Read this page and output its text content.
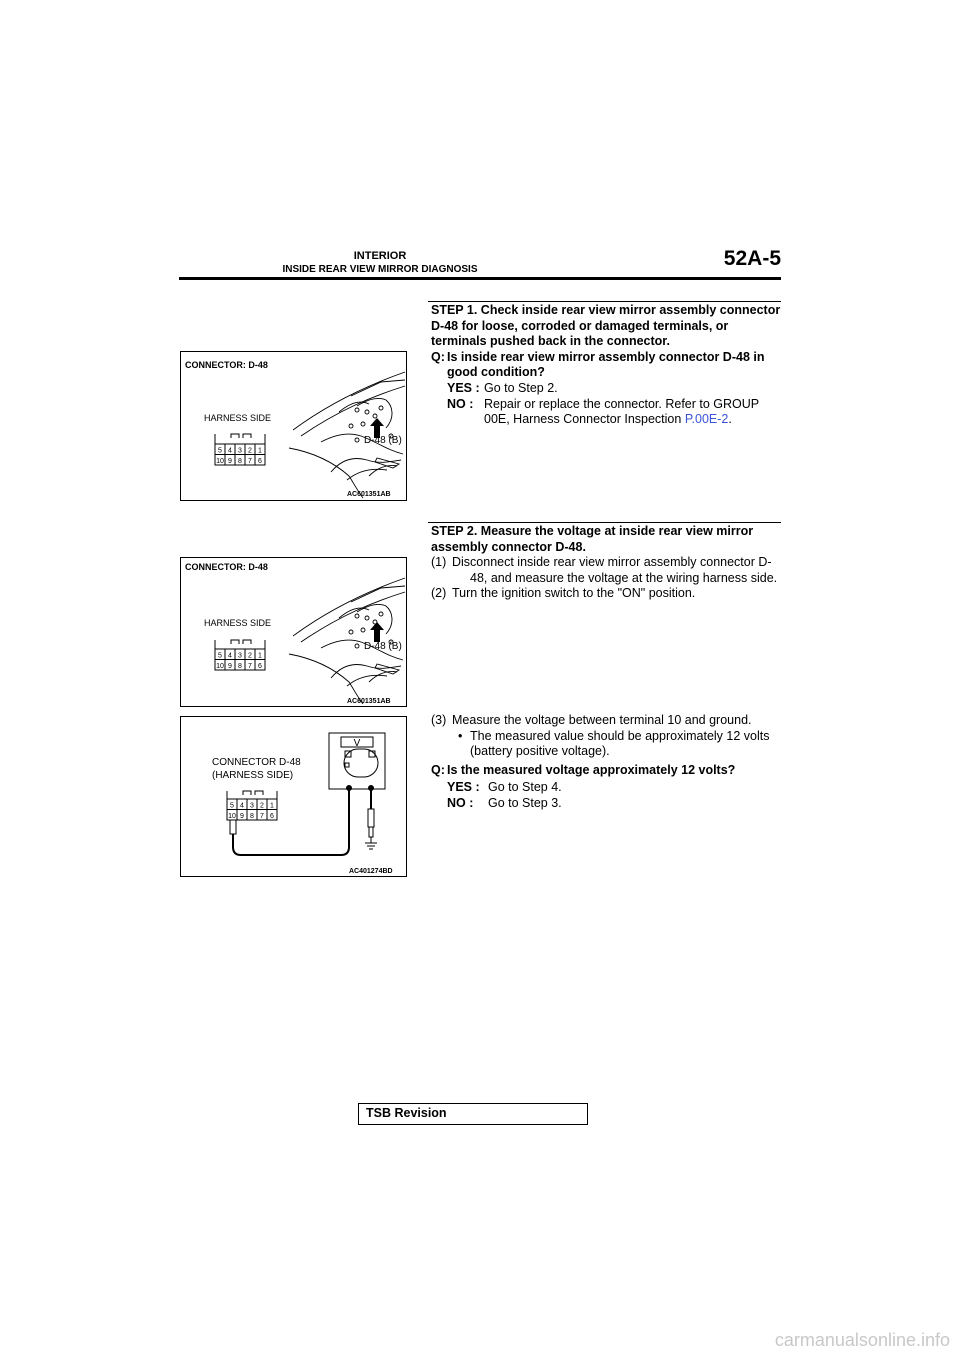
INTERIOR
INSIDE REAR VIEW MIRROR DIAGNOSIS	52A-5
CONNECTOR: D-48
HARNESS SIDE
5 4 3 2 1
10 9 8 7 6
D-48 (B)
AC601351AB
STEP 1. Check inside rear view mirror assembly connector
D-48 for loose, corroded or damaged terminals, or
terminals pushed back in the connector.
Q: Is inside rear view mirror assembly connector D-48 in
good condition?
YES : Go to Step 2.
NO : Repair or replace the connector. Refer to GROUP
00E, Harness Connector Inspection P.00E-2.
CONNECTOR: D-48
HARNESS SIDE
5 4 3 2 1
10 9 8 7 6
D-48 (B)
AC601351AB
STEP 2. Measure the voltage at inside rear view mirror
assembly connector D-48.
(1) Disconnect inside rear view mirror assembly connector D-
48, and measure the voltage at the wiring harness side.
(2) Turn the ignition switch to the "ON" position.
CONNECTOR D-48
(HARNESS SIDE)
5 4 3 2 1
10 9 8 7 6
V
AC401274BD
(3) Measure the voltage between terminal 10 and ground.
• The measured value should be approximately 12 volts
(battery positive voltage).
Q: Is the measured voltage approximately 12 volts?
YES : Go to Step 4.
NO : Go to Step 3.
TSB Revision
carmanualsonline.info
